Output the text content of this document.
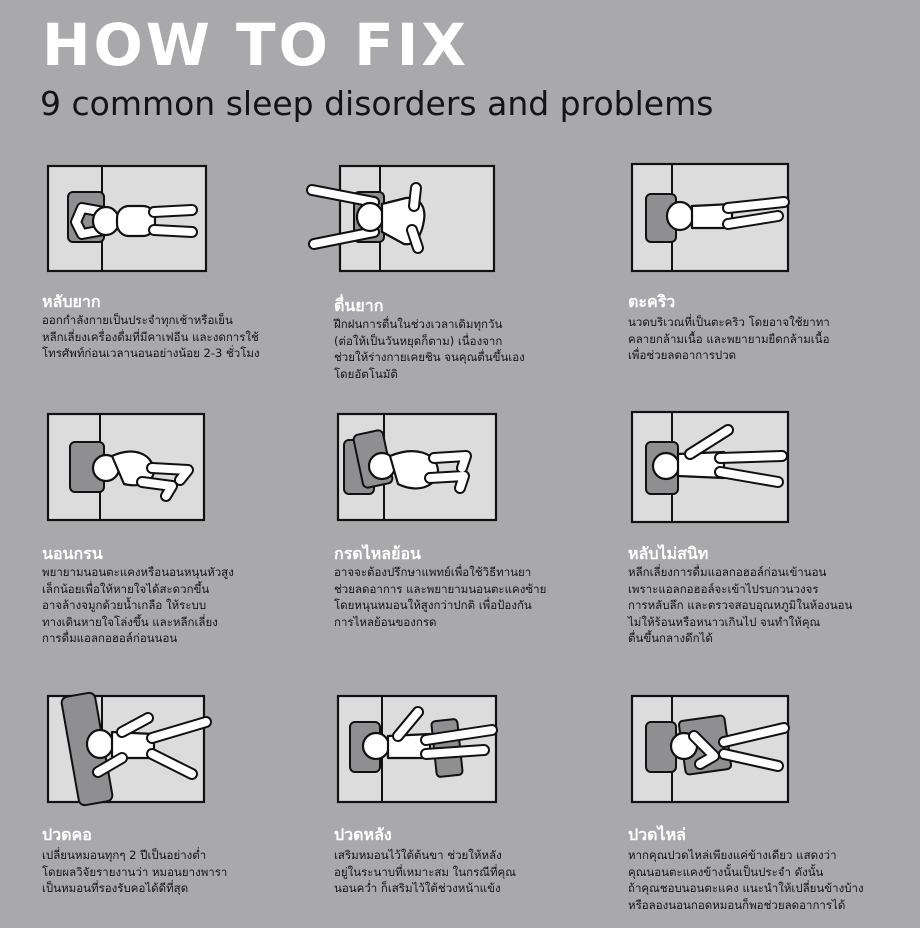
HOW TO FIX
9 common sleep disorders and problems
หลับยาก
ออกกำลังกายเป็นประจำทุกเช้าหรือเย็น
หลีกเลี่ยงเครื่องดื่มที่มีคาเฟอีน และงดการใช้
โทรศัพท์ก่อนเวลานอนอย่างน้อย 2-3 ชั่วโมง
ตื่นยาก
ฝึกฝนการตื่นในช่วงเวลาเดิมทุกวัน
(ต่อให้เป็นวันหยุดก็ตาม) เนื่องจาก
ช่วยให้ร่างกายเคยชิน จนคุณตื่นขึ้นเอง
โดยอัตโนมัติ
ตะคริว
นวดบริเวณที่เป็นตะคริว โดยอาจใช้ยาทา
คลายกล้ามเนื้อ และพยายามยืดกล้ามเนื้อ
เพื่อช่วยลดอาการปวด
นอนกรน
พยายามนอนตะแคงหรือนอนหนุนหัวสูง
เล็กน้อยเพื่อให้หายใจได้สะดวกขึ้น
อาจล้างจมูกด้วยน้ำเกลือ ให้ระบบ
ทางเดินหายใจโล่งขึ้น และหลีกเลี่ยง
การดื่มแอลกอฮอล์ก่อนนอน
กรดไหลย้อน
อาจจะต้องปรึกษาแพทย์เพื่อใช้วิธีทานยา
ช่วยลดอาการ และพยายามนอนตะแคงซ้าย
โดยหนุนหมอนให้สูงกว่าปกติ เพื่อป้องกัน
การไหลย้อนของกรด
หลับไม่สนิท
หลีกเลี่ยงการดื่มแอลกอฮอล์ก่อนเข้านอน
เพราะแอลกอฮอล์จะเข้าไปรบกวนวงจร
การหลับลึก และตรวจสอบอุณหภูมิในห้องนอน
ไม่ให้ร้อนหรือหนาวเกินไป จนทำให้คุณ
ตื่นขึ้นกลางดึกได้
ปวดคอ
เปลี่ยนหมอนทุกๆ 2 ปีเป็นอย่างต่ำ
โดยผลวิจัยรายงานว่า หมอนยางพารา
เป็นหมอนที่รองรับคอได้ดีที่สุด
ปวดหลัง
เสริมหมอนไว้ใต้ต้นขา ช่วยให้หลัง
อยู่ในระนาบที่เหมาะสม ในกรณีที่คุณ
นอนคว่ำ ก็เสริมไว้ใต้ช่วงหน้าแข้ง
ปวดไหล่
หากคุณปวดไหล่เพียงแค่ข้างเดียว แสดงว่า
คุณนอนตะแคงข้างนั้นเป็นประจำ ดังนั้น
ถ้าคุณชอบนอนตะแคง แนะนำให้เปลี่ยนข้างบ้าง
หรือลองนอนกอดหมอนก็พอช่วยลดอาการได้
